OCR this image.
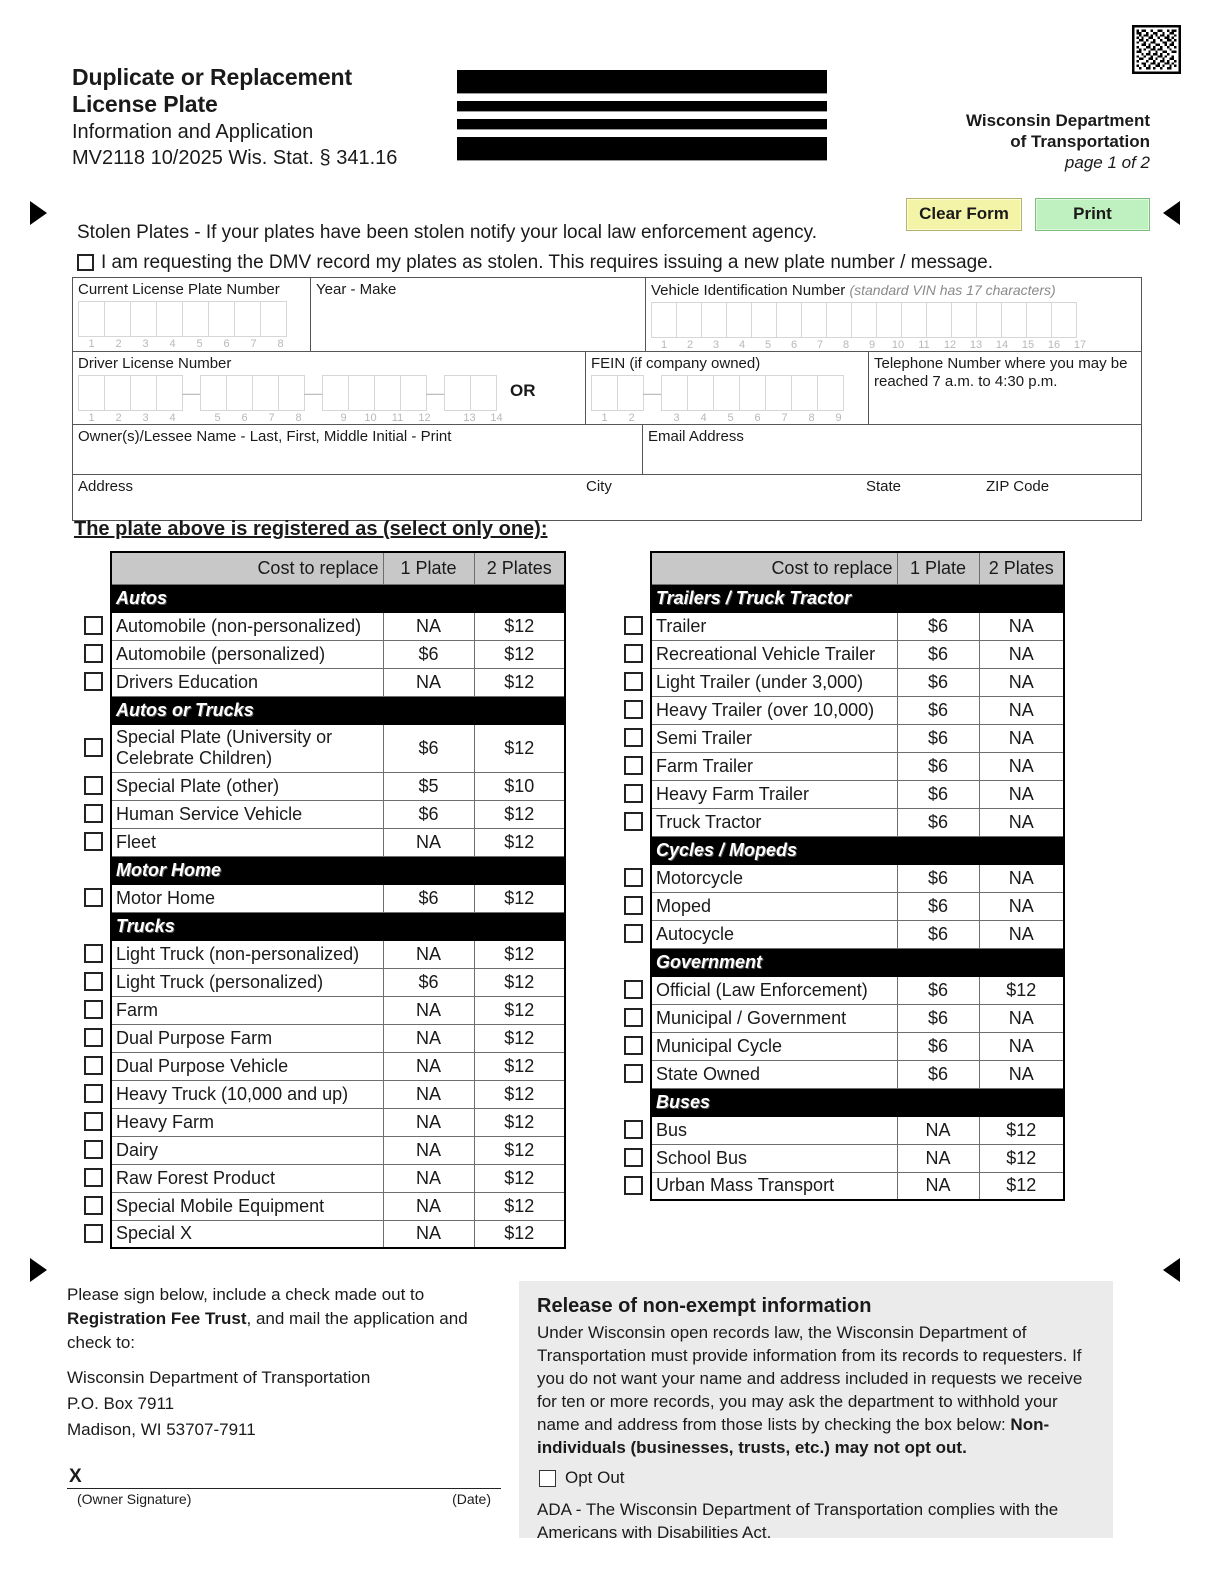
Duplicate or Replacement
License Plate
Information and Application
MV2118 10/2025 Wis. Stat. § 341.16
Wisconsin Department
of Transportation
page 1 of 2
Clear Form	Print
Stolen Plates - If your plates have been stolen notify your local law enforcement agency.
I am requesting the DMV record my plates as stolen. This requires issuing a new plate number / message.
Current License Plate Number
1	2	3	4	5	6	7	8
Year - Make	Vehicle Identification Number (standard VIN has 17 characters)
1	2	3	4	5	6	7	8	9	10	11	12	13	14	15	16	17
Driver License Number
—	—	—	OR
1	2	3	4	5	6	7	8	9	10	11	12	13	14
FEIN (if company owned)
—
1	2	3	4	5	6	7	8	9
Telephone Number where you may be
reached 7 a.m. to 4:30 p.m.
Owner(s)/Lessee Name - Last, First, Middle Initial - Print	Email Address
Address	City	State	ZIP Code
The plate above is registered as (select only one):
Cost to replace	1 Plate	2 Plates
Autos		
Automobile (non-personalized)	NA	$12
Automobile (personalized)	$6	$12
Drivers Education	NA	$12
Autos or Trucks		
Special Plate (University or Celebrate Children)	$6	$12
Special Plate (other)	$5	$10
Human Service Vehicle	$6	$12
Fleet	NA	$12
Motor Home		
Motor Home	$6	$12
Trucks		
Light Truck (non-personalized)	NA	$12
Light Truck (personalized)	$6	$12
Farm	NA	$12
Dual Purpose Farm	NA	$12
Dual Purpose Vehicle	NA	$12
Heavy Truck (10,000 and up)	NA	$12
Heavy Farm	NA	$12
Dairy	NA	$12
Raw Forest Product	NA	$12
Special Mobile Equipment	NA	$12
Special X	NA	$12
Cost to replace	1 Plate	2 Plates
Trailers / Truck Tractor		
Trailer	$6	NA
Recreational Vehicle Trailer	$6	NA
Light Trailer (under 3,000)	$6	NA
Heavy Trailer (over 10,000)	$6	NA
Semi Trailer	$6	NA
Farm Trailer	$6	NA
Heavy Farm Trailer	$6	NA
Truck Tractor	$6	NA
Cycles / Mopeds		
Motorcycle	$6	NA
Moped	$6	NA
Autocycle	$6	NA
Government		
Official (Law Enforcement)	$6	$12
Municipal / Government	$6	NA
Municipal Cycle	$6	NA
State Owned	$6	NA
Buses		
Bus	NA	$12
School Bus	NA	$12
Urban Mass Transport	NA	$12
Please sign below, include a check made out to Registration Fee Trust, and mail the application and check to:
Wisconsin Department of Transportation
P.O. Box 7911
Madison, WI 53707-7911
X
(Owner Signature)	(Date)
Release of non-exempt information

Under Wisconsin open records law, the Wisconsin Department of Transportation must provide information from its records to requesters. If you do not want your name and address included in requests we receive for ten or more records, you may ask the department to withhold your name and address from those lists by checking the box below: Non-individuals (businesses, trusts, etc.) may not opt out.

Opt Out
ADA - The Wisconsin Department of Transportation complies with the Americans with Disabilities Act.
